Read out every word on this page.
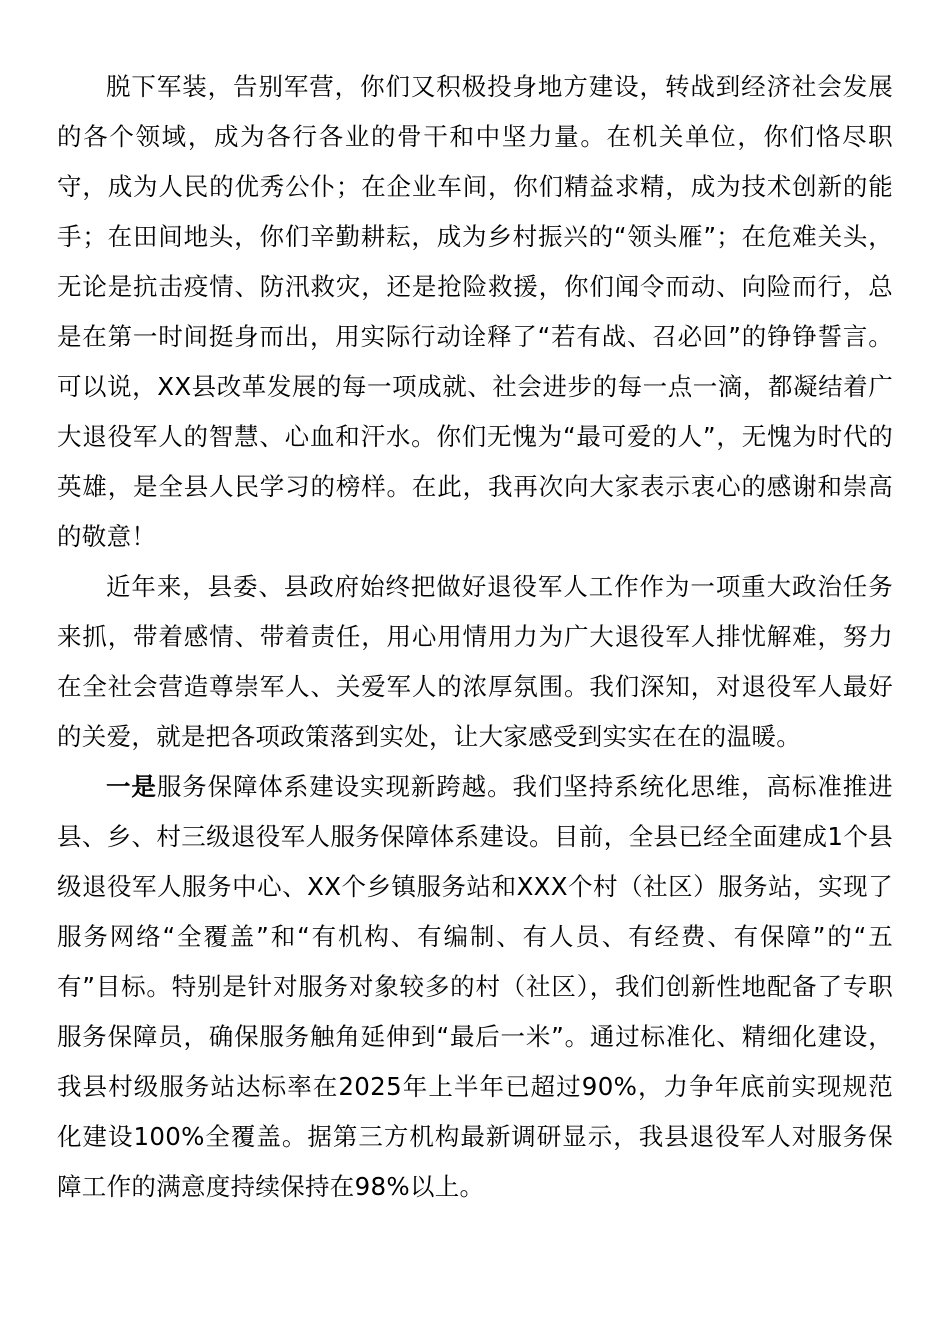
脱下军装，告别军营，你们又积极投身地方建设，转战到经济社会发展的各个领域，成为各行各业的骨干和中坚力量。在机关单位，你们恪尽职守，成为人民的优秀公仆；在企业车间，你们精益求精，成为技术创新的能手；在田间地头，你们辛勤耕耘，成为乡村振兴的“领头雁”；在危难关头，无论是抗击疫情、防汛救灾，还是抢险救援，你们闻令而动、向险而行，总是在第一时间挺身而出，用实际行动诠释了“若有战、召必回”的铮铮誓言。可以说，XX县改革发展的每一项成就、社会进步的每一点一滴，都凝结着广大退役军人的智慧、心血和汗水。你们无愧为“最可爱的人”，无愧为时代的英雄，是全县人民学习的榜样。在此，我再次向大家表示衷心的感谢和崇高的敬意！

近年来，县委、县政府始终把做好退役军人工作作为一项重大政治任务来抓，带着感情、带着责任，用心用情用力为广大退役军人排忧解难，努力在全社会营造尊崇军人、关爱军人的浓厚氛围。我们深知，对退役军人最好的关爱，就是把各项政策落到实处，让大家感受到实实在在的温暖。

一是服务保障体系建设实现新跨越。我们坚持系统化思维，高标准推进县、乡、村三级退役军人服务保障体系建设。目前，全县已经全面建成1个县级退役军人服务中心、XX个乡镇服务站和XXX个村（社区）服务站，实现了服务网络“全覆盖”和“有机构、有编制、有人员、有经费、有保障”的“五有”目标。特别是针对服务对象较多的村（社区），我们创新性地配备了专职服务保障员，确保服务触角延伸到“最后一米”。通过标准化、精细化建设，我县村级服务站达标率在2025年上半年已超过90%，力争年底前实现规范化建设100%全覆盖。据第三方机构最新调研显示，我县退役军人对服务保障工作的满意度持续保持在98%以上。
